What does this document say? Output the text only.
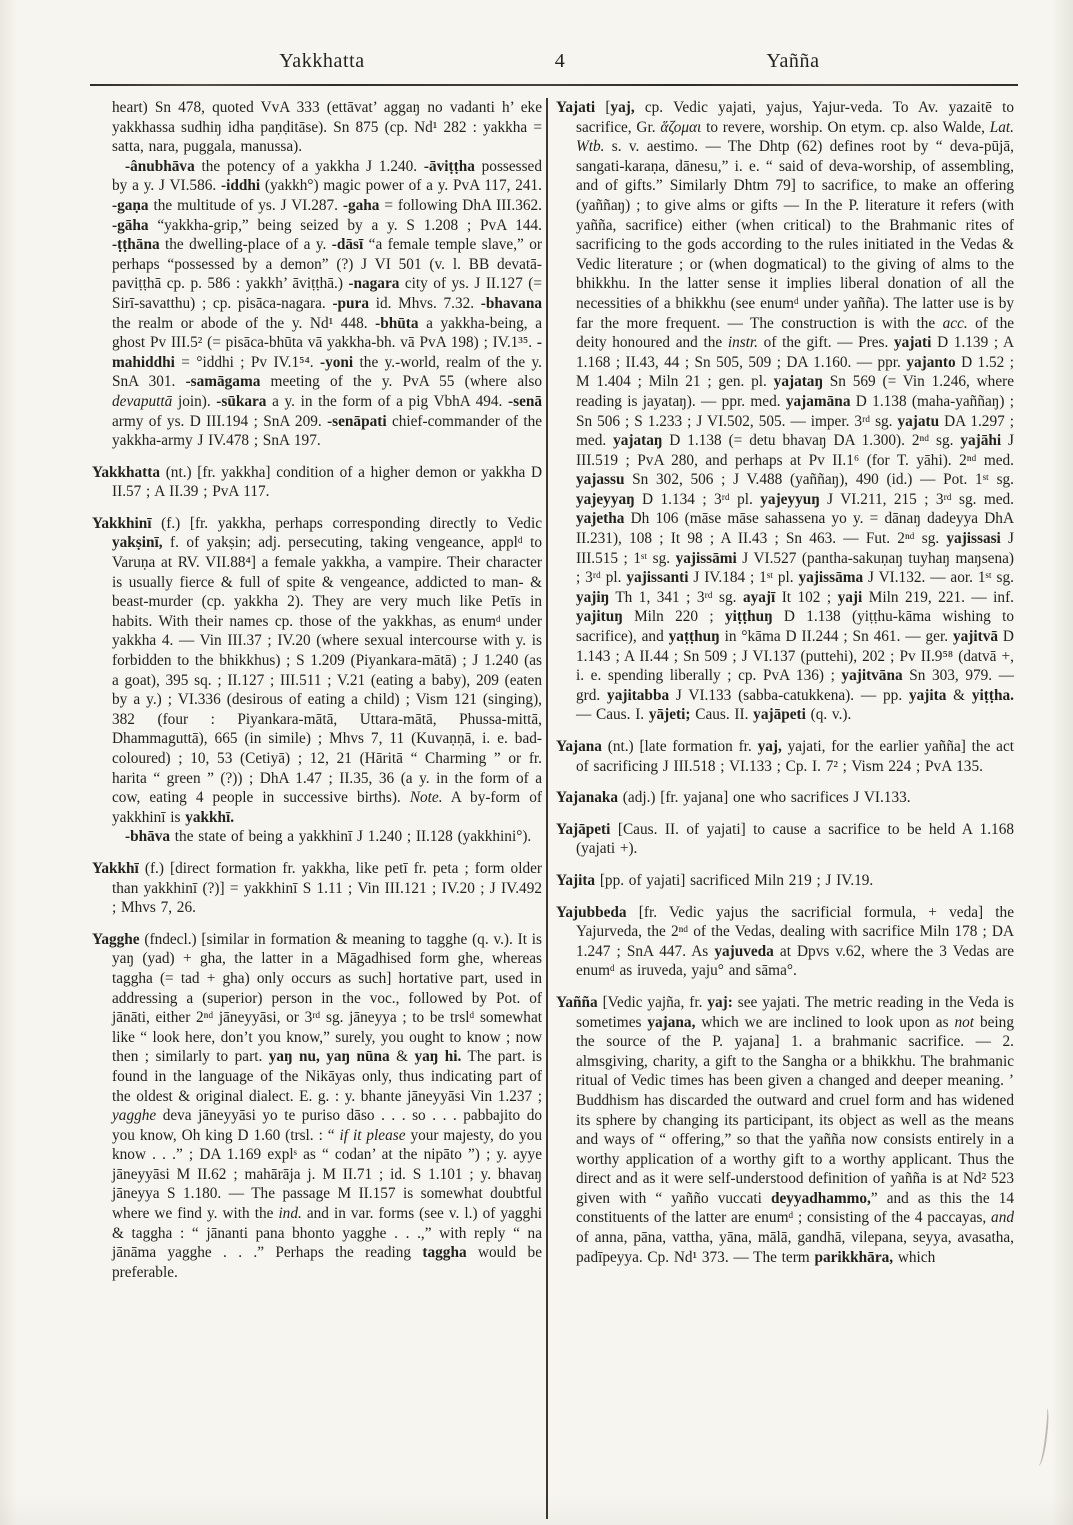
Yakkhatta	4	Yañña

heart) Sn 478, quoted VvA 333 (ettāvat’ aggaŋ no vadanti h’ eke yakkhassa sudhiŋ idha paṇḍitāse). Sn 875 (cp. Nd¹ 282 : yakkha = satta, nara, puggala, manussa).

-ânubhāva the potency of a yakkha J 1.240. -āviṭṭha possessed by a y. J VI.586. -iddhi (yakkh°) magic power of a y. PvA 117, 241. -gaṇa the multitude of ys. J VI.287. -gaha = following DhA III.362. -gāha “yakkha-grip,” being seized by a y. S 1.208 ; PvA 144. -ṭṭhāna the dwelling-place of a y. -dāsī “a female temple slave,” or perhaps “possessed by a demon” (?) J VI 501 (v. l. BB devatā-paviṭṭhā cp. p. 586 : yakkh’ āviṭṭhā.) -nagara city of ys. J II.127 (= Sirī-savatthu) ; cp. pisāca-nagara. -pura id. Mhvs. 7.32. -bhavana the realm or abode of the y. Nd¹ 448. -bhūta a yakkha-being, a ghost Pv III.5² (= pisāca-bhūta vā yakkha-bh. vā PvA 198) ; IV.1³⁵. -mahiddhi = °iddhi ; Pv IV.1⁵⁴. -yoni the y.-world, realm of the y. SnA 301. -samāgama meeting of the y. PvA 55 (where also devaputtā join). -sūkara a y. in the form of a pig VbhA 494. -senā army of ys. D III.194 ; SnA 209. -senāpati chief-commander of the yakkha-army J IV.478 ; SnA 197.

Yakkhatta (nt.) [fr. yakkha] condition of a higher demon or yakkha D II.57 ; A II.39 ; PvA 117.

Yakkhinī (f.) [fr. yakkha, perhaps corresponding directly to Vedic yakṣinī, f. of yakṣin; adj. persecuting, taking vengeance, applᵈ to Varuṇa at RV. VII.88⁴] a female yakkha, a vampire. Their character is usually fierce & full of spite & vengeance, addicted to man- & beast-murder (cp. yakkha 2). They are very much like Petīs in habits. With their names cp. those of the yakkhas, as enumᵈ under yakkha 4. — Vin III.37 ; IV.20 (where sexual intercourse with y. is forbidden to the bhikkhus) ; S 1.209 (Piyankara-mātā) ; J 1.240 (as a goat), 395 sq. ; II.127 ; III.511 ; V.21 (eating a baby), 209 (eaten by a y.) ; VI.336 (desirous of eating a child) ; Vism 121 (singing), 382 (four : Piyankara-mātā, Uttara-mātā, Phussa-mittā, Dhammaguttā), 665 (in simile) ; Mhvs 7, 11 (Kuvaṇṇā, i. e. bad-coloured) ; 10, 53 (Cetiyā) ; 12, 21 (Hāritā “ Charming ” or fr. harita “ green ” (?)) ; DhA 1.47 ; II.35, 36 (a y. in the form of a cow, eating 4 people in successive births). Note. A by-form of yakkhinī is yakkhī.

-bhāva the state of being a yakkhinī J 1.240 ; II.128 (yakkhini°).

Yakkhī (f.) [direct formation fr. yakkha, like petī fr. peta ; form older than yakkhinī (?)] = yakkhinī S 1.11 ; Vin III.121 ; IV.20 ; J IV.492 ; Mhvs 7, 26.

Yagghe (fndecl.) [similar in formation & meaning to tagghe (q. v.). It is yaŋ (yad) + gha, the latter in a Māgadhised form ghe, whereas taggha (= tad + gha) only occurs as such] hortative part, used in addressing a (superior) person in the voc., followed by Pot. of jānāti, either 2ⁿᵈ jāneyyāsi, or 3ʳᵈ sg. jāneyya ; to be trslᵈ somewhat like “ look here, don’t you know,” surely, you ought to know ; now then ; similarly to part. yaŋ nu, yaŋ nūna & yaŋ hi. The part. is found in the language of the Nikāyas only, thus indicating part of the oldest & original dialect. E. g. : y. bhante jāneyyāsi Vin 1.237 ; yagghe deva jāneyyāsi yo te puriso dāso . . . so . . . pabbajito do you know, Oh king D 1.60 (trsl. : “ if it please your majesty, do you know . . .” ; DA 1.169 explˢ as “ codan’ at the nipāto ”) ; y. ayye jāneyyāsi M II.62 ; mahārāja j. M II.71 ; id. S 1.101 ; y. bhavaŋ jāneyya S 1.180. — The passage M II.157 is somewhat doubtful where we find y. with the ind. and in var. forms (see v. l.) of yagghi & taggha : “ jānanti pana bhonto yagghe . . .,” with reply “ na jānāma yagghe . . .” Perhaps the reading taggha would be preferable.

Yajati [yaj, cp. Vedic yajati, yajus, Yajur-veda. To Av. yazaitē to sacrifice, Gr. ἅζομαι to revere, worship. On etym. cp. also Walde, Lat. Wtb. s. v. aestimo. — The Dhtp (62) defines root by “ deva-pūjā, sangati-karaṇa, dānesu,” i. e. “ said of deva-worship, of assembling, and of gifts.” Similarly Dhtm 79] to sacrifice, to make an offering (yaññaŋ) ; to give alms or gifts — In the P. literature it refers (with yañña, sacrifice) either (when critical) to the Brahmanic rites of sacrificing to the gods according to the rules initiated in the Vedas & Vedic literature ; or (when dogmatical) to the giving of alms to the bhikkhu. In the latter sense it implies liberal donation of all the necessities of a bhikkhu (see enumᵈ under yañña). The latter use is by far the more frequent. — The construction is with the acc. of the deity honoured and the instr. of the gift. — Pres. yajati D 1.139 ; A 1.168 ; II.43, 44 ; Sn 505, 509 ; DA 1.160. — ppr. yajanto D 1.52 ; M 1.404 ; Miln 21 ; gen. pl. yajataŋ Sn 569 (= Vin 1.246, where reading is jayataŋ). — ppr. med. yajamāna D 1.138 (maha-yaññaŋ) ; Sn 506 ; S 1.233 ; J VI.502, 505. — imper. 3ʳᵈ sg. yajatu DA 1.297 ; med. yajataŋ D 1.138 (= detu bhavaŋ DA 1.300). 2ⁿᵈ sg. yajāhi J III.519 ; PvA 280, and perhaps at Pv II.1⁶ (for T. yāhi). 2ⁿᵈ med. yajassu Sn 302, 506 ; J V.488 (yaññaŋ), 490 (id.) — Pot. 1ˢᵗ sg. yajeyyaŋ D 1.134 ; 3ʳᵈ pl. yajeyyuŋ J VI.211, 215 ; 3ʳᵈ sg. med. yajetha Dh 106 (māse māse sahassena yo y. = dānaŋ dadeyya DhA II.231), 108 ; It 98 ; A II.43 ; Sn 463. — Fut. 2ⁿᵈ sg. yajissasi J III.515 ; 1ˢᵗ sg. yajissāmi J VI.527 (pantha-sakuṇaŋ tuyhaŋ maŋsena) ; 3ʳᵈ pl. yajissanti J IV.184 ; 1ˢᵗ pl. yajissāma J VI.132. — aor. 1ˢᵗ sg. yajiŋ Th 1, 341 ; 3ʳᵈ sg. ayajī It 102 ; yaji Miln 219, 221. — inf. yajituŋ Miln 220 ; yiṭṭhuŋ D 1.138 (yiṭṭhu-kāma wishing to sacrifice), and yaṭṭhuŋ in °kāma D II.244 ; Sn 461. — ger. yajitvā D 1.143 ; A II.44 ; Sn 509 ; J VI.137 (puttehi), 202 ; Pv II.9⁵⁸ (datvā +, i. e. spending liberally ; cp. PvA 136) ; yajitvāna Sn 303, 979. — grd. yajitabba J VI.133 (sabba-catukkena). — pp. yajita & yiṭṭha. — Caus. I. yājeti; Caus. II. yajāpeti (q. v.).

Yajana (nt.) [late formation fr. yaj, yajati, for the earlier yañña] the act of sacrificing J III.518 ; VI.133 ; Cp. I. 7² ; Vism 224 ; PvA 135.

Yajanaka (adj.) [fr. yajana] one who sacrifices J VI.133.

Yajāpeti [Caus. II. of yajati] to cause a sacrifice to be held A 1.168 (yajati +).

Yajita [pp. of yajati] sacrificed Miln 219 ; J IV.19.

Yajubbeda [fr. Vedic yajus the sacrificial formula, + veda] the Yajurveda, the 2ⁿᵈ of the Vedas, dealing with sacrifice Miln 178 ; DA 1.247 ; SnA 447. As yajuveda at Dpvs v.62, where the 3 Vedas are enumᵈ as iruveda, yaju° and sāma°.

Yañña [Vedic yajña, fr. yaj: see yajati. The metric reading in the Veda is sometimes yajana, which we are inclined to look upon as not being the source of the P. yajana] 1. a brahmanic sacrifice. — 2. almsgiving, charity, a gift to the Sangha or a bhikkhu. The brahmanic ritual of Vedic times has been given a changed and deeper meaning. ’ Buddhism has discarded the outward and cruel form and has widened its sphere by changing its participant, its object as well as the means and ways of “ offering,” so that the yañña now consists entirely in a worthy application of a worthy gift to a worthy applicant. Thus the direct and as it were self-understood definition of yañña is at Nd² 523 given with “ yañño vuccati deyyadhammo,” and as this the 14 constituents of the latter are enumᵈ ; consisting of the 4 paccayas, and of anna, pāna, vattha, yāna, mālā, gandhā, vilepana, seyya, avasatha, padīpeyya. Cp. Nd¹ 373. — The term parikkhāra, which
